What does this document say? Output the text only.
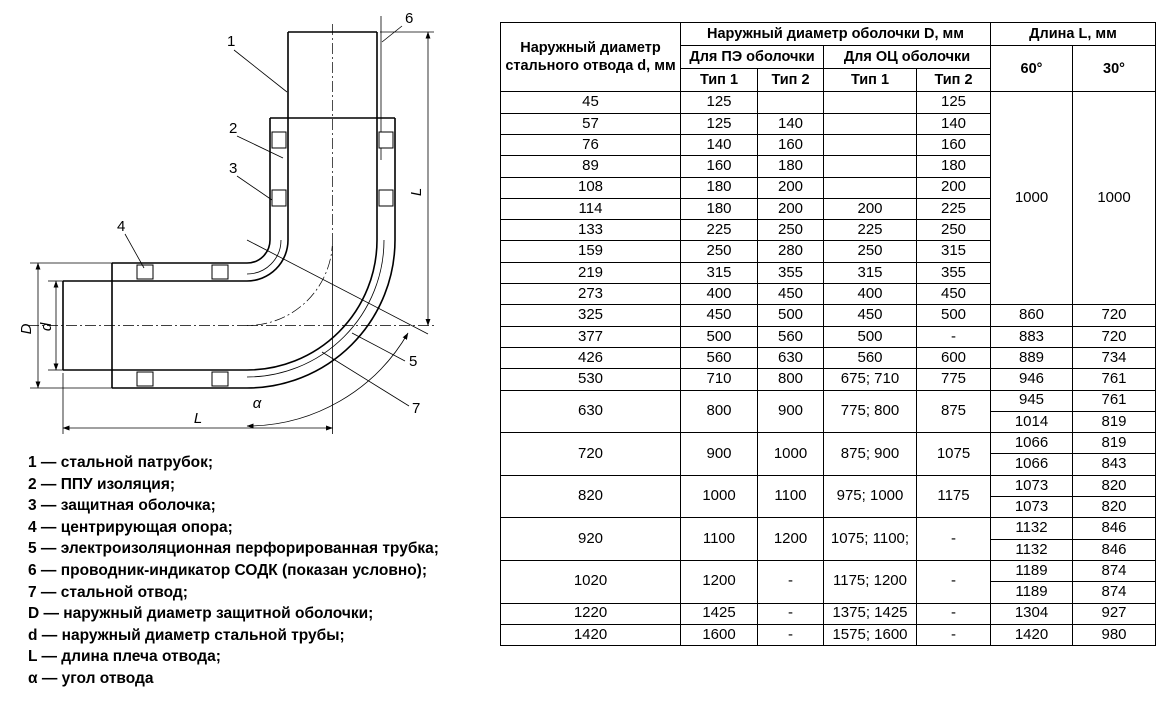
D d
L
L
α
1
2
3
4
5
6
7
1 — стальной патрубок;
2 — ППУ изоляция;
3 — защитная оболочка;
4 — центрирующая опора;
5 — электроизоляционная перфорированная трубка;
6 — проводник-индикатор СОДК (показан условно);
7 — стальной отвод;
D — наружный диаметр защитной оболочки;
d — наружный диаметр стальной трубы;
L — длина плеча отвода;
α — угол отвода
Наружный диаметр стального отвода d, мм	Наружный диаметр оболочки D, мм				Длина L, мм	
	Для ПЭ оболочки		Для ОЦ оболочки		60°	30°
	Тип 1	Тип 2	Тип 1	Тип 2		
45	125			125	1000	1000
57	125	140		140		
76	140	160		160		
89	160	180		180		
108	180	200		200		
114	180	200	200	225		
133	225	250	225	250		
159	250	280	250	315		
219	315	355	315	355		
273	400	450	400	450		
325	450	500	450	500	860	720
377	500	560	500	-	883	720
426	560	630	560	600	889	734
530	710	800	675; 710	775	946	761
630	800	900	775; 800	875	945	761
					1014	819
720	900	1000	875; 900	1075	1066	819
					1066	843
820	1000	1100	975; 1000	1175	1073	820
					1073	820
920	1100	1200	1075; 1100;	-	1132	846
					1132	846
1020	1200	-	1175; 1200	-	1189	874
					1189	874
1220	1425	-	1375; 1425	-	1304	927
1420	1600	-	1575; 1600	-	1420	980
